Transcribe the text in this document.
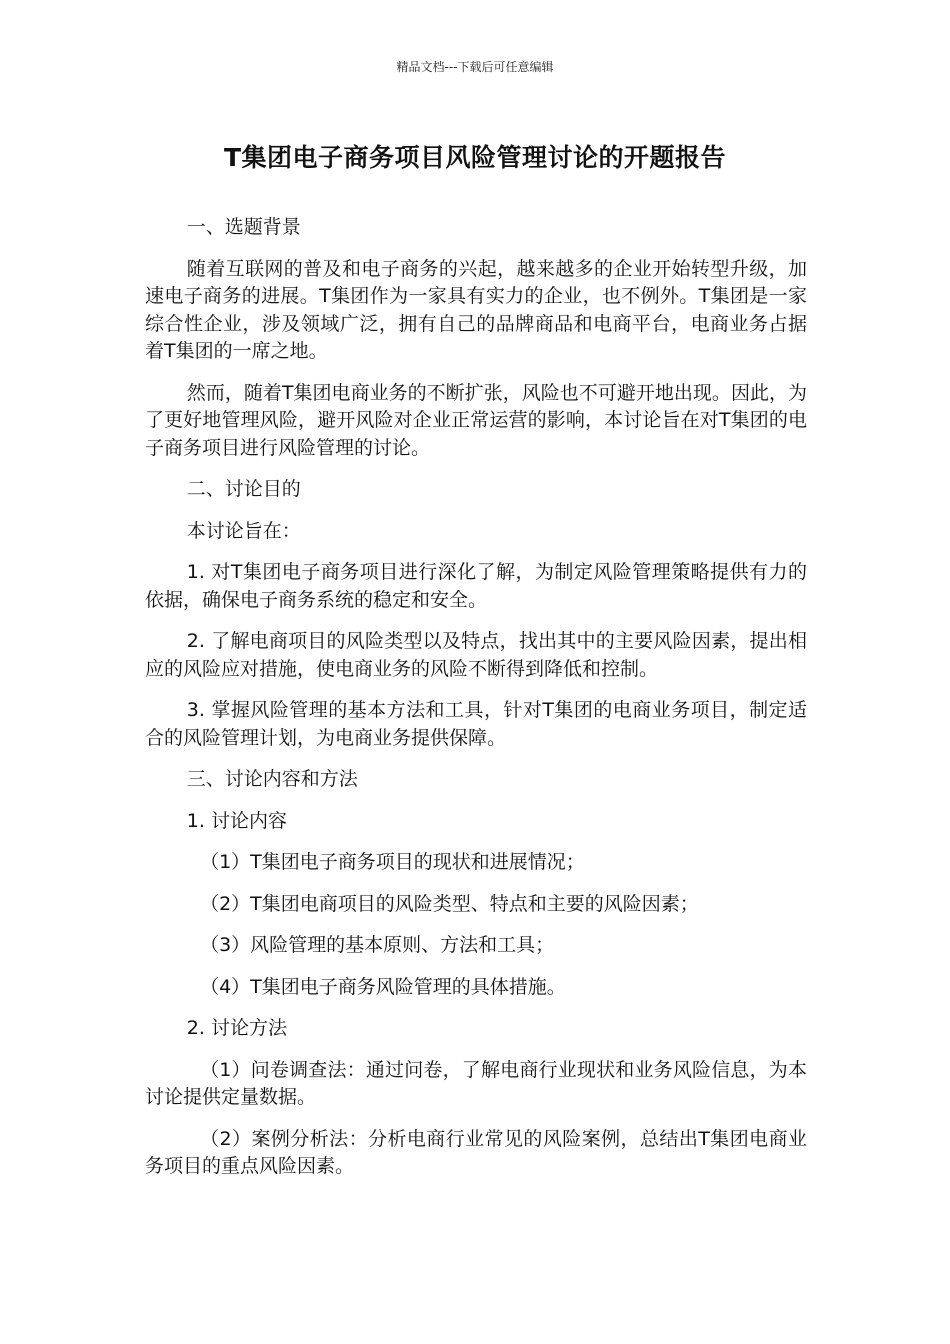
精品文档---下载后可任意编辑
T集团电子商务项目风险管理讨论的开题报告

一、选题背景

随着互联网的普及和电子商务的兴起，越来越多的企业开始转型升级，加速电子商务的进展。T集团作为一家具有实力的企业，也不例外。T集团是一家综合性企业，涉及领域广泛，拥有自己的品牌商品和电商平台，电商业务占据着T集团的一席之地。

然而，随着T集团电商业务的不断扩张，风险也不可避开地出现。因此，为了更好地管理风险，避开风险对企业正常运营的影响，本讨论旨在对T集团的电子商务项目进行风险管理的讨论。

二、讨论目的

本讨论旨在：

1. 对T集团电子商务项目进行深化了解，为制定风险管理策略提供有力的依据，确保电子商务系统的稳定和安全。

2. 了解电商项目的风险类型以及特点，找出其中的主要风险因素，提出相应的风险应对措施，使电商业务的风险不断得到降低和控制。

3. 掌握风险管理的基本方法和工具，针对T集团的电商业务项目，制定适合的风险管理计划，为电商业务提供保障。

三、讨论内容和方法

1. 讨论内容

（1）T集团电子商务项目的现状和进展情况；

（2）T集团电商项目的风险类型、特点和主要的风险因素；

（3）风险管理的基本原则、方法和工具；

（4）T集团电子商务风险管理的具体措施。

2. 讨论方法

（1）问卷调查法：通过问卷，了解电商行业现状和业务风险信息，为本讨论提供定量数据。

（2）案例分析法：分析电商行业常见的风险案例，总结出T集团电商业务项目的重点风险因素。
